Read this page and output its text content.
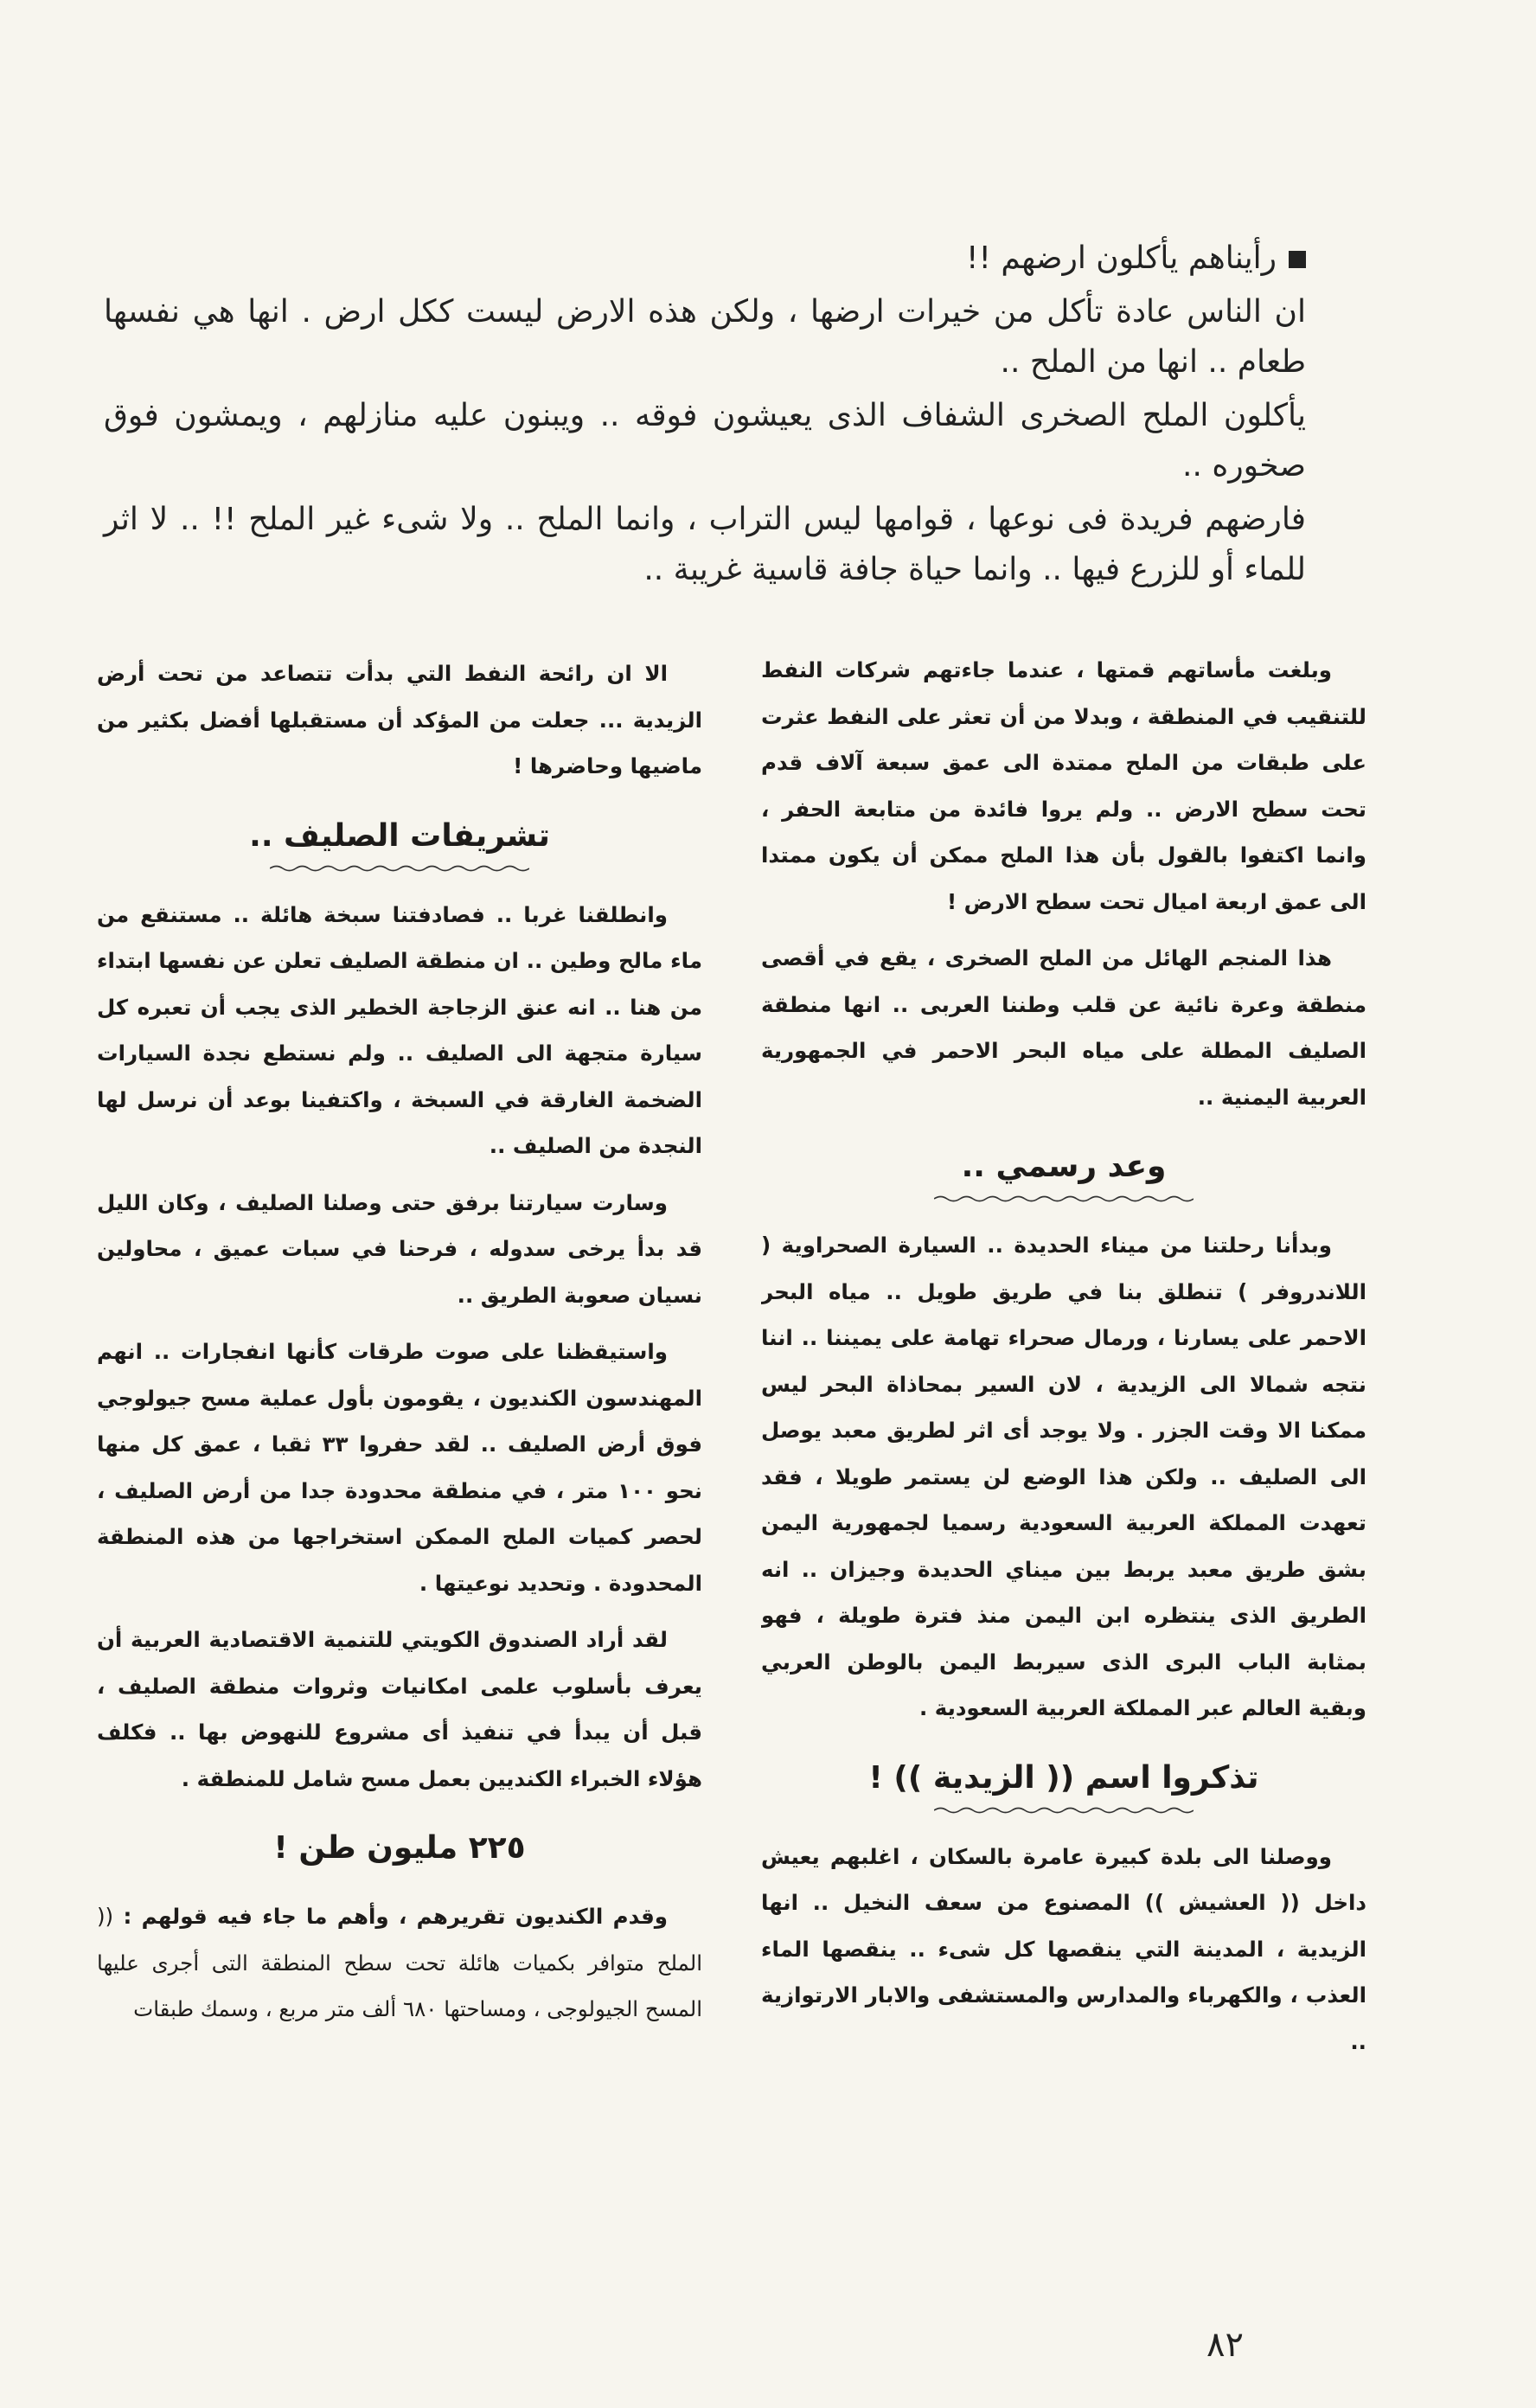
رأيناهم يأكلون ارضهم !!

ان الناس عادة تأكل من خيرات ارضها ، ولكن هذه الارض ليست ككل ارض . انها هي نفسها طعام .. انها من الملح ..

يأكلون الملح الصخرى الشفاف الذى يعيشون فوقه .. ويبنون عليه منازلهم ، ويمشون فوق صخوره ..

فارضهم فريدة فى نوعها ، قوامها ليس التراب ، وانما الملح .. ولا شىء غير الملح !! .. لا اثر للماء أو للزرع فيها .. وانما حياة جافة قاسية غريبة ..

وبلغت مأساتهم قمتها ، عندما جاءتهم شركات النفط للتنقيب في المنطقة ، وبدلا من أن تعثر على النفط عثرت على طبقات من الملح ممتدة الى عمق سبعة آلاف قدم تحت سطح الارض .. ولم يروا فائدة من متابعة الحفر ، وانما اكتفوا بالقول بأن هذا الملح ممكن أن يكون ممتدا الى عمق اربعة اميال تحت سطح الارض !

هذا المنجم الهائل من الملح الصخرى ، يقع في أقصى منطقة وعرة نائية عن قلب وطننا العربى .. انها منطقة الصليف المطلة على مياه البحر الاحمر في الجمهورية العربية اليمنية ..

وعد رسمي ..

وبدأنا رحلتنا من ميناء الحديدة .. السيارة الصحراوية ( اللاندروفر ) تنطلق بنا في طريق طويل .. مياه البحر الاحمر على يسارنا ، ورمال صحراء تهامة على يميننا .. اننا نتجه شمالا الى الزيدية ، لان السير بمحاذاة البحر ليس ممكنا الا وقت الجزر . ولا يوجد أى اثر لطريق معبد يوصل الى الصليف .. ولكن هذا الوضع لن يستمر طويلا ، فقد تعهدت المملكة العربية السعودية رسميا لجمهورية اليمن بشق طريق معبد يربط بين ميناي الحديدة وجيزان .. انه الطريق الذى ينتظره ابن اليمن منذ فترة طويلة ، فهو بمثابة الباب البرى الذى سيربط اليمن بالوطن العربي وبقية العالم عبر المملكة العربية السعودية .

تذكروا اسم (( الزيدية )) !

ووصلنا الى بلدة كبيرة عامرة بالسكان ، اغلبهم يعيش داخل (( العشيش )) المصنوع من سعف النخيل .. انها الزيدية ، المدينة التي ينقصها كل شىء .. ينقصها الماء العذب ، والكهرباء والمدارس والمستشفى والابار الارتوازية ..

الا ان رائحة النفط التي بدأت تتصاعد من تحت أرض الزيدية ... جعلت من المؤكد أن مستقبلها أفضل بكثير من ماضيها وحاضرها !

تشريفات الصليف ..

وانطلقنا غربا .. فصادفتنا سبخة هائلة .. مستنقع من ماء مالح وطين .. ان منطقة الصليف تعلن عن نفسها ابتداء من هنا .. انه عنق الزجاجة الخطير الذى يجب أن تعبره كل سيارة متجهة الى الصليف .. ولم نستطع نجدة السيارات الضخمة الغارقة في السبخة ، واكتفينا بوعد أن نرسل لها النجدة من الصليف ..

وسارت سيارتنا برفق حتى وصلنا الصليف ، وكان الليل قد بدأ يرخى سدوله ، فرحنا في سبات عميق ، محاولين نسيان صعوبة الطريق ..

واستيقظنا على صوت طرقات كأنها انفجارات .. انهم المهندسون الكنديون ، يقومون بأول عملية مسح جيولوجي فوق أرض الصليف .. لقد حفروا ٣٣ ثقبا ، عمق كل منها نحو ١٠٠ متر ، في منطقة محدودة جدا من أرض الصليف ، لحصر كميات الملح الممكن استخراجها من هذه المنطقة المحدودة . وتحديد نوعيتها .

لقد أراد الصندوق الكويتي للتنمية الاقتصادية العربية أن يعرف بأسلوب علمى امكانيات وثروات منطقة الصليف ، قبل أن يبدأ في تنفيذ أى مشروع للنهوض بها .. فكلف هؤلاء الخبراء الكنديين بعمل مسح شامل للمنطقة .

٢٢٥ مليون طن !

وقدم الكنديون تقريرهم ، وأهم ما جاء فيه قولهم : (( الملح متوافر بكميات هائلة تحت سطح المنطقة التى أجرى عليها المسح الجيولوجى ، ومساحتها ٦٨٠ ألف متر مربع ، وسمك طبقات

٨٢
